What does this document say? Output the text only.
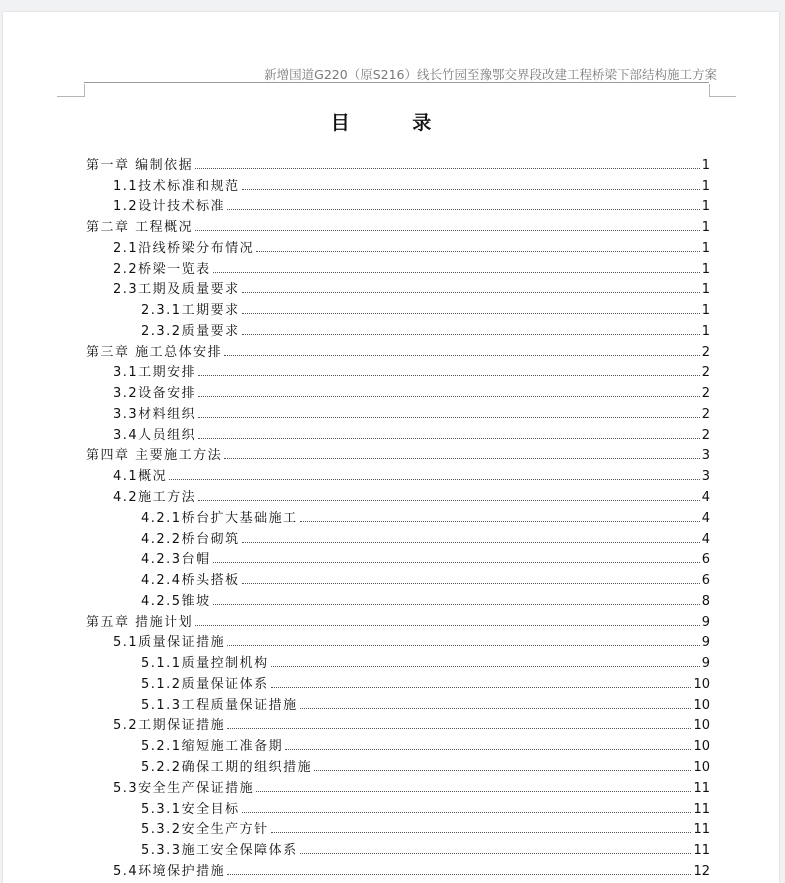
新增国道G220（原S216）线长竹园至豫鄂交界段改建工程桥梁下部结构施工方案
目 录
第一章 编制依据	1
1.1技术标准和规范	1
1.2设计技术标准	1
第二章 工程概况	1
2.1沿线桥梁分布情况	1
2.2桥梁一览表	1
2.3工期及质量要求	1
2.3.1工期要求	1
2.3.2质量要求	1
第三章 施工总体安排	2
3.1工期安排	2
3.2设备安排	2
3.3材料组织	2
3.4人员组织	2
第四章 主要施工方法	3
4.1概况	3
4.2施工方法	4
4.2.1桥台扩大基础施工	4
4.2.2桥台砌筑	4
4.2.3台帽	6
4.2.4桥头搭板	6
4.2.5锥坡	8
第五章 措施计划	9
5.1质量保证措施	9
5.1.1质量控制机构	9
5.1.2质量保证体系	10
5.1.3工程质量保证措施	10
5.2工期保证措施	10
5.2.1缩短施工准备期	10
5.2.2确保工期的组织措施	10
5.3安全生产保证措施	11
5.3.1安全目标	11
5.3.2安全生产方针	11
5.3.3施工安全保障体系	11
5.4环境保护措施	12
